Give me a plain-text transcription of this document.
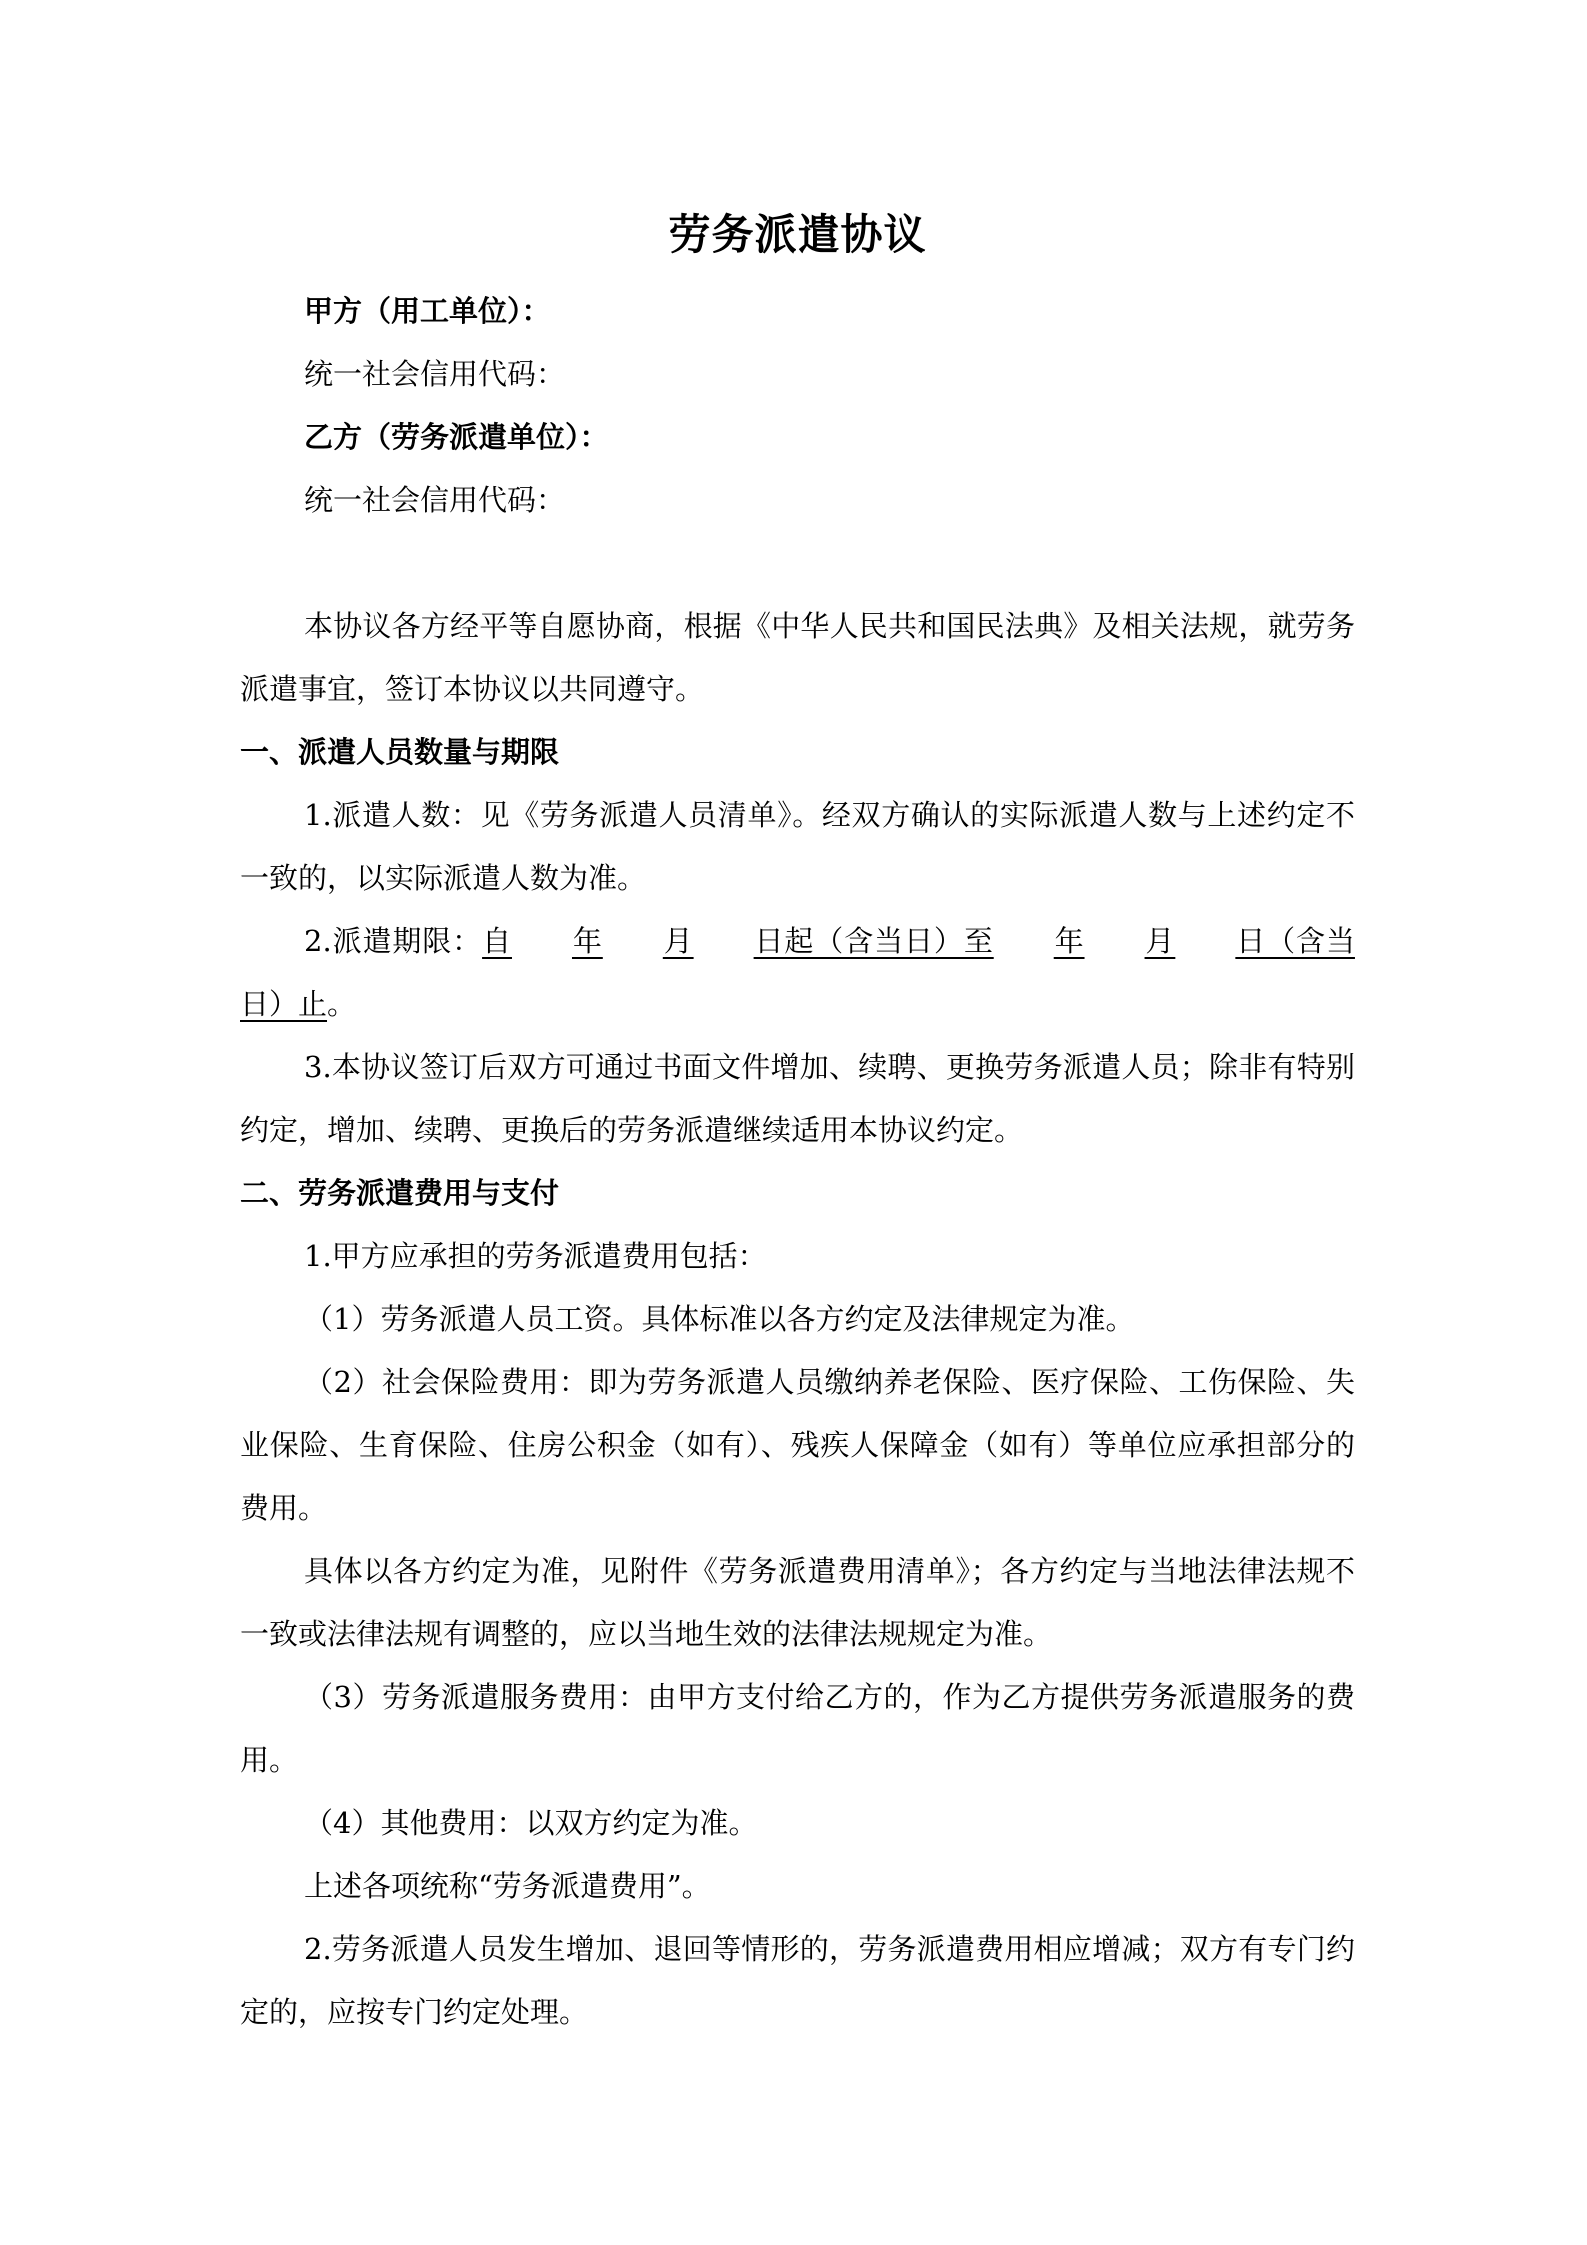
劳务派遣协议

甲方（用工单位）：

统一社会信用代码：

乙方（劳务派遣单位）：

统一社会信用代码：

本协议各方经平等自愿协商，根据《中华人民共和国民法典》及相关法规，就劳务派遣事宜，签订本协议以共同遵守。

一、派遣人员数量与期限

1.派遣人数：见《劳务派遣人员清单》。经双方确认的实际派遣人数与上述约定不一致的，以实际派遣人数为准。

2.派遣期限：自 年 月 日起（含当日）至 年 月 日（含当日）止。

3.本协议签订后双方可通过书面文件增加、续聘、更换劳务派遣人员；除非有特别约定，增加、续聘、更换后的劳务派遣继续适用本协议约定。

二、劳务派遣费用与支付

1.甲方应承担的劳务派遣费用包括：

（1）劳务派遣人员工资。具体标准以各方约定及法律规定为准。

（2）社会保险费用：即为劳务派遣人员缴纳养老保险、医疗保险、工伤保险、失业保险、生育保险、住房公积金（如有）、残疾人保障金（如有）等单位应承担部分的费用。

具体以各方约定为准，见附件《劳务派遣费用清单》；各方约定与当地法律法规不一致或法律法规有调整的，应以当地生效的法律法规规定为准。

（3）劳务派遣服务费用：由甲方支付给乙方的，作为乙方提供劳务派遣服务的费用。

（4）其他费用：以双方约定为准。

上述各项统称“劳务派遣费用”。

2.劳务派遣人员发生增加、退回等情形的，劳务派遣费用相应增减；双方有专门约定的，应按专门约定处理。
